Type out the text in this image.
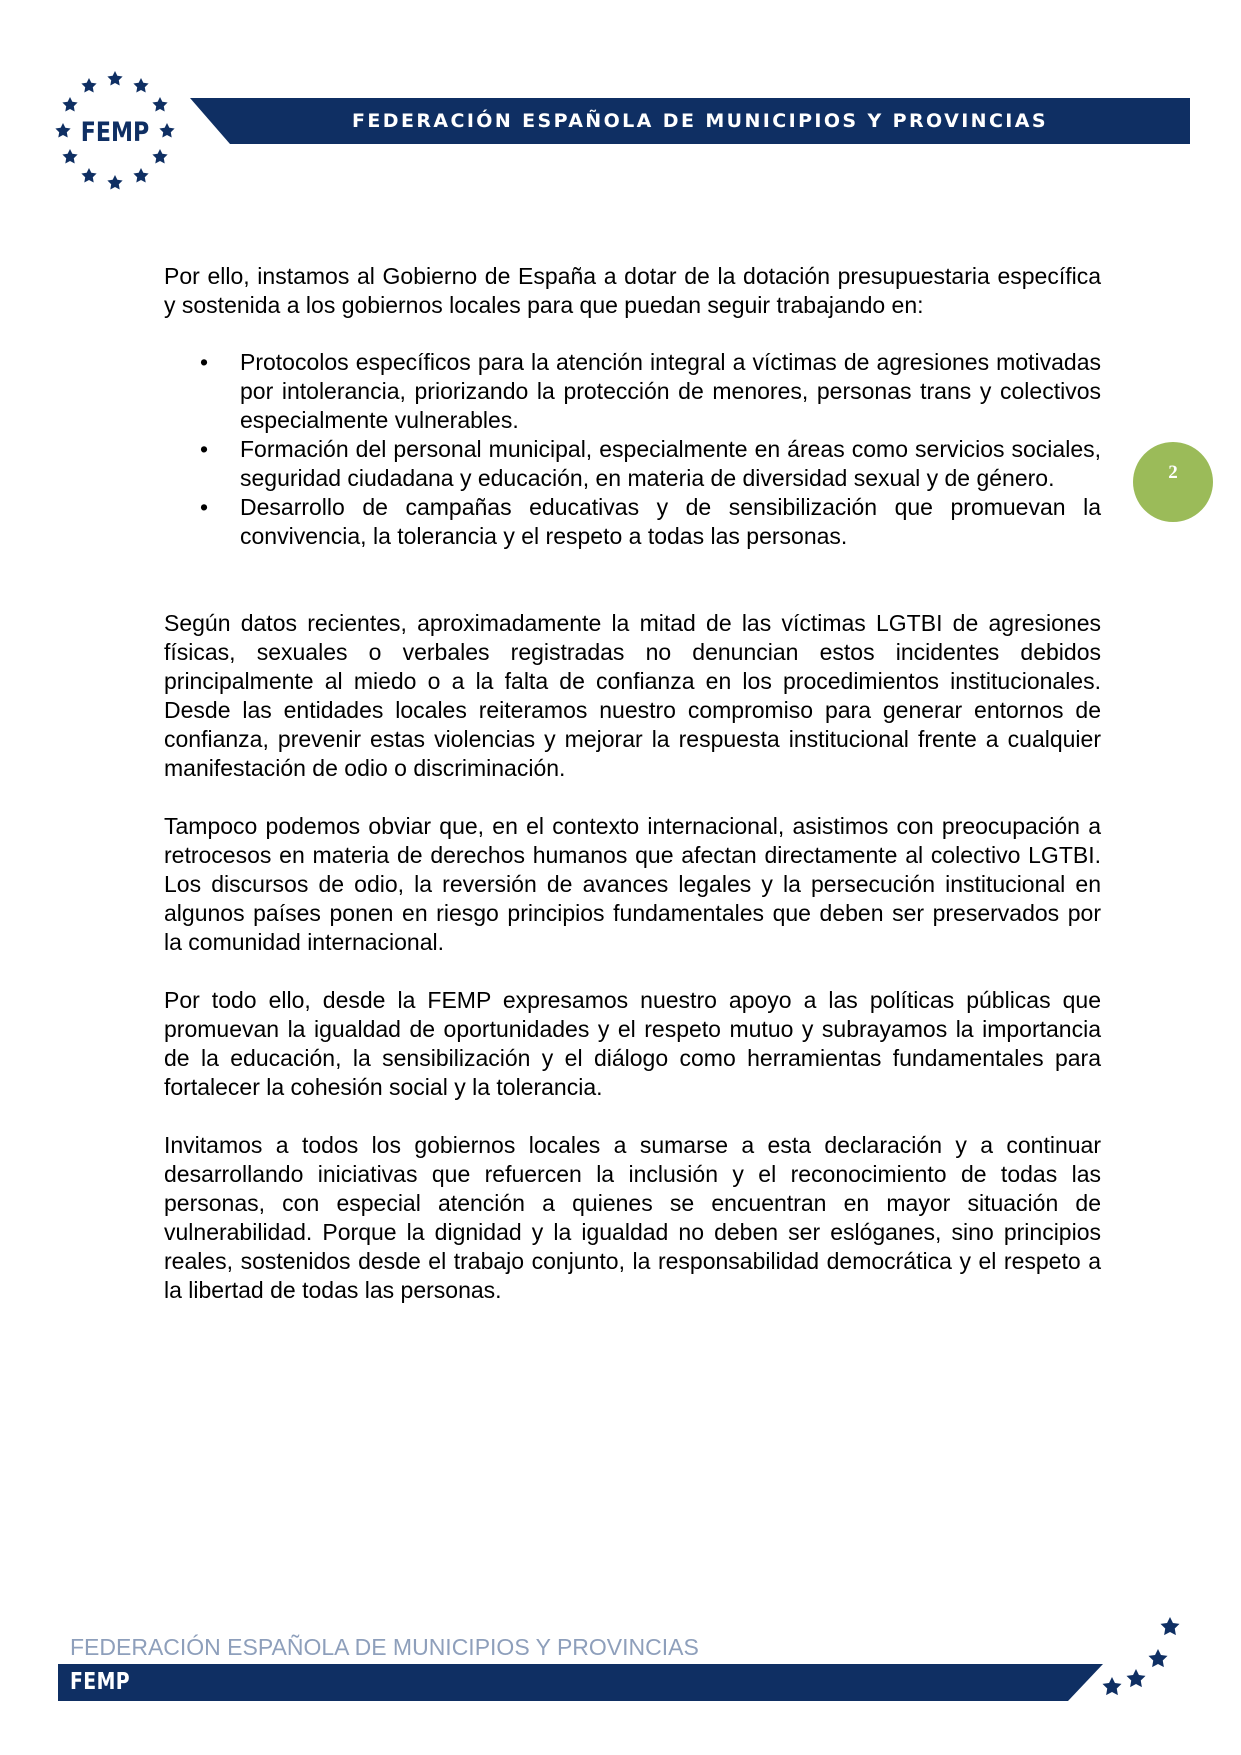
FEMP	FEDERACIÓN ESPAÑOLA DE MUNICIPIOS Y PROVINCIAS
2

Por ello, instamos al Gobierno de España a dotar de la dotación presupuestaria específica y sostenida a los gobiernos locales para que puedan seguir trabajando en:

• Protocolos específicos para la atención integral a víctimas de agresiones motivadas por intolerancia, priorizando la protección de menores, personas trans y colectivos especialmente vulnerables.
• Formación del personal municipal, especialmente en áreas como servicios sociales, seguridad ciudadana y educación, en materia de diversidad sexual y de género.
• Desarrollo de campañas educativas y de sensibilización que promuevan la convivencia, la tolerancia y el respeto a todas las personas.

Según datos recientes, aproximadamente la mitad de las víctimas LGTBI de agresiones físicas, sexuales o verbales registradas no denuncian estos incidentes debidos principalmente al miedo o a la falta de confianza en los procedimientos institucionales. Desde las entidades locales reiteramos nuestro compromiso para generar entornos de confianza, prevenir estas violencias y mejorar la respuesta institucional frente a cualquier manifestación de odio o discriminación.

Tampoco podemos obviar que, en el contexto internacional, asistimos con preocupación a retrocesos en materia de derechos humanos que afectan directamente al colectivo LGTBI. Los discursos de odio, la reversión de avances legales y la persecución institucional en algunos países ponen en riesgo principios fundamentales que deben ser preservados por la comunidad internacional.

Por todo ello, desde la FEMP expresamos nuestro apoyo a las políticas públicas que promuevan la igualdad de oportunidades y el respeto mutuo y subrayamos la importancia de la educación, la sensibilización y el diálogo como herramientas fundamentales para fortalecer la cohesión social y la tolerancia.

Invitamos a todos los gobiernos locales a sumarse a esta declaración y a continuar desarrollando iniciativas que refuercen la inclusión y el reconocimiento de todas las personas, con especial atención a quienes se encuentran en mayor situación de vulnerabilidad. Porque la dignidad y la igualdad no deben ser eslóganes, sino principios reales, sostenidos desde el trabajo conjunto, la responsabilidad democrática y el respeto a la libertad de todas las personas.

FEDERACIÓN ESPAÑOLA DE MUNICIPIOS Y PROVINCIAS
FEMP
